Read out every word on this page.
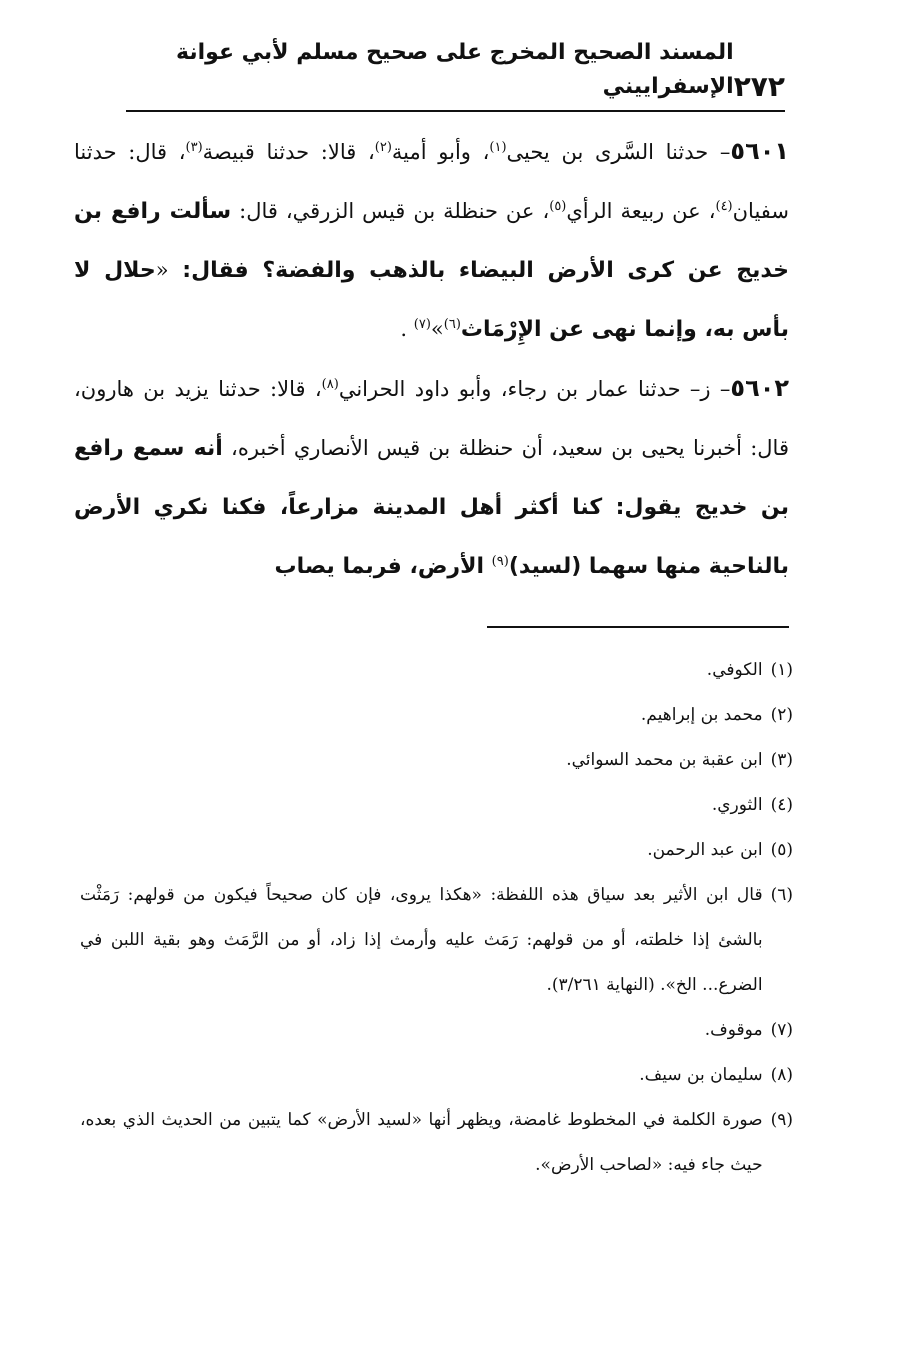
٢٧٢
المسند الصحيح المخرج على صحيح مسلم لأبي عوانة الإسفراييني

٥٦٠١– حدثنا السَّرى بن يحيى$^{(١)}$، وأبو أمية$^{(٢)}$، قالا: حدثنا قبيصة$^{(٣)}$، قال: حدثنا سفيان$^{(٤)}$، عن ربيعة الرأي$^{(٥)}$، عن حنظلة بن قيس الزرقي، قال: سألت رافع بن خديج عن كرى الأرض البيضاء بالذهب والفضة؟ فقال: «حلال لا بأس به، وإنما نهى عن الإِرْمَاث$^{(٦)}$»$^{(٧)}$ .

٥٦٠٢– ز– حدثنا عمار بن رجاء، وأبو داود الحراني$^{(٨)}$، قالا: حدثنا يزيد بن هارون، قال: أخبرنا يحيى بن سعيد، أن حنظلة بن قيس الأنصاري أخبره، أنه سمع رافع بن خديج يقول: كنا أكثر أهل المدينة مزارعاً، فكنا نكري الأرض بالناحية منها سهما (لسيد)$^{(٩)}$ الأرض، فربما يصاب

(١)
الكوفي.
(٢)
محمد بن إبراهيم.
(٣)
ابن عقبة بن محمد السوائي.
(٤)
الثوري.
(٥)
ابن عبد الرحمن.
(٦)
قال ابن الأثير بعد سياق هذه اللفظة: «هكذا يروى، فإن كان صحيحاً فيكون من قولهم: رَمَثْت بالشئ إذا خلطته، أو من قولهم: رَمَث عليه وأرمث إذا زاد، أو من الرَّمَث وهو بقية اللبن في الضرع... الخ». (النهاية ٣/٢٦١).
(٧)
موقوف.
(٨)
سليمان بن سيف.
(٩)
صورة الكلمة في المخطوط غامضة، ويظهر أنها «لسيد الأرض» كما يتبين من الحديث الذي بعده، حيث جاء فيه: «لصاحب الأرض».
